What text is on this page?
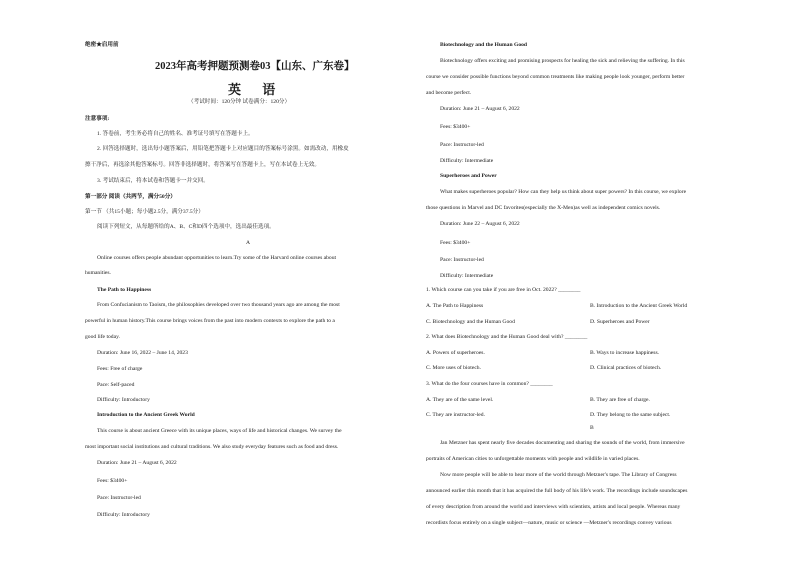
绝密★启用前
2023年高考押题预测卷03【山东、广东卷】
英 语
（考试时间：120分钟 试卷满分：120分）
注意事项:
1. 答卷前，考生务必将自己的姓名、准考证号填写在答题卡上。
2. 回答选择题时，选出每小题答案后，用铅笔把答题卡上对应题目的答案标号涂黑。如需改动，用橡皮
擦干净后，再选涂其他答案标号。回答非选择题时，将答案写在答题卡上，写在本试卷上无效。
3. 考试结束后，将本试卷和答题卡一并交回。
第一部分 阅读（共两节，满分50分）
第一节 （共15小题；每小题2.5分，满分37.5分）
阅读下列短文，从每题所给的A、B、C和D四个选项中，选出最佳选项。
A
Online courses offers people abundant opportunities to learn.Try some of the Harvard online courses about
humanities.
The Path to Happiness
From Confucianism to Taoism, the philosophies developed over two thousand years ago are among the most
powerful in human history.This course brings voices from the past into modern contexts to explore the path to a
good life today.
Duration: June 16, 2022 – June 14, 2023
Fees: Free of charge
Pace: Self-paced
Difficulty: Introductory
Introduction to the Ancient Greek World
This course is about ancient Greece with its unique places, ways of life and historical changes. We survey the
most important social institutions and cultural traditions. We also study everyday features such as food and dress.
Duration: June 21 – August 6, 2022
Fees: $3400+
Pace: Instructor-led
Difficulty: Introductory
Biotechnology and the Human Good
Biotechnology offers exciting and promising prospects for healing the sick and relieving the suffering. In this
course we consider possible functions beyond common treatments like making people look younger, perform better
and become perfect.
Duration: June 21 – August 6, 2022
Fees: $3400+
Pace: Instructor-led
Difficulty: Intermediate
Superheroes and Power
What makes superheroes popular? How can they help us think about super powers? In this course, we explore
those questions in Marvel and DC favorites(especially the X-Men)as well as independent comics novels.
Duration: June 22 – August 6, 2022
Fees: $3400+
Pace: Instructor-led
Difficulty: Intermediate
1. Which course can you take if you are free in Oct. 2022? ________
A. The Path to Happiness	B. Introduction to the Ancient Greek World
C. Biotechnology and the Human Good	D. Superheroes and Power
2. What does Biotechnology and the Human Good deal with? ________
A. Powers of superheroes.	B. Ways to increase happiness.
C. More uses of biotech.	D. Clinical practices of biotech.
3. What do the four courses have in common? ________
A. They are of the same level.	B. They are free of charge.
C. They are instructor-led.	D. They belong to the same subject.
B
Jan Metzner has spent nearly five decades documenting and sharing the sounds of the world, from immersive
portraits of American cities to unforgettable moments with people and wildlife in varied places.
Now more people will be able to hear more of the world through Metzner's tape. The Library of Congress
announced earlier this month that it has acquired the full body of his life's work. The recordings include soundscapes
of every description from around the world and interviews with scientists, artists and local people. Whereas many
recordists focus entirely on a single subject—nature, music or science —Metzner's recordings convey various
